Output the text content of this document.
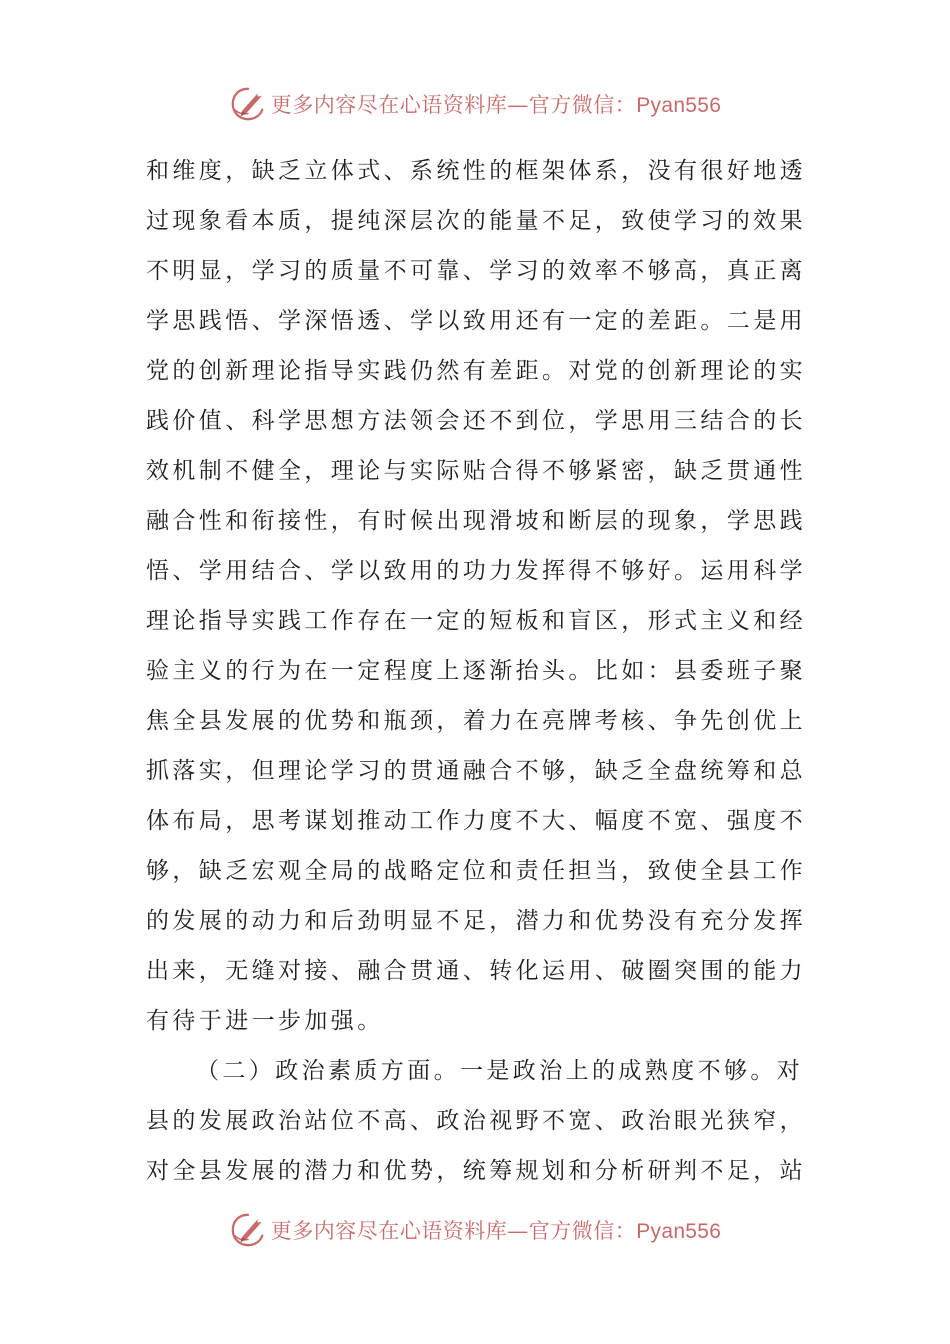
更多内容尽在心语资料库—官方微信：Pyan556
和维度，缺乏立体式、系统性的框架体系，没有很好地透
过现象看本质，提纯深层次的能量不足，致使学习的效果
不明显，学习的质量不可靠、学习的效率不够高，真正离
学思践悟、学深悟透、学以致用还有一定的差距。二是用
党的创新理论指导实践仍然有差距。对党的创新理论的实
践价值、科学思想方法领会还不到位，学思用三结合的长
效机制不健全，理论与实际贴合得不够紧密，缺乏贯通性
融合性和衔接性，有时候出现滑坡和断层的现象，学思践
悟、学用结合、学以致用的功力发挥得不够好。运用科学
理论指导实践工作存在一定的短板和盲区，形式主义和经
验主义的行为在一定程度上逐渐抬头。比如：县委班子聚
焦全县发展的优势和瓶颈，着力在亮牌考核、争先创优上
抓落实，但理论学习的贯通融合不够，缺乏全盘统筹和总
体布局，思考谋划推动工作力度不大、幅度不宽、强度不
够，缺乏宏观全局的战略定位和责任担当，致使全县工作
的发展的动力和后劲明显不足，潜力和优势没有充分发挥
出来，无缝对接、融合贯通、转化运用、破圈突围的能力
有待于进一步加强。
（二）政治素质方面。一是政治上的成熟度不够。对
县的发展政治站位不高、政治视野不宽、政治眼光狭窄，
对全县发展的潜力和优势，统筹规划和分析研判不足，站
更多内容尽在心语资料库—官方微信：Pyan556
